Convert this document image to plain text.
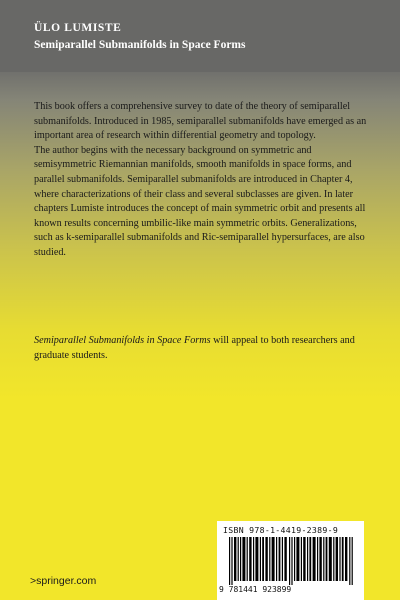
ÜLO LUMISTE
Semiparallel Submanifolds in Space Forms
This book offers a comprehensive survey to date of the theory of semiparallel submanifolds. Introduced in 1985, semiparallel submanifolds have emerged as an important area of research within differential geometry and topology.
The author begins with the necessary background on symmetric and semisymmetric Riemannian manifolds, smooth manifolds in space forms, and parallel submanifolds. Semiparallel submanifolds are introduced in Chapter 4, where characterizations of their class and several subclasses are given. In later chapters Lumiste introduces the concept of main symmetric orbit and presents all known results concerning umbilic-like main symmetric orbits. Generalizations, such as k-semiparallel submanifolds and Ric-semiparallel hypersurfaces, are also studied.
Semiparallel Submanifolds in Space Forms will appeal to both researchers and graduate students.
ISBN 978-1-4419-2389-9
9 781441 923899
>springer.com
